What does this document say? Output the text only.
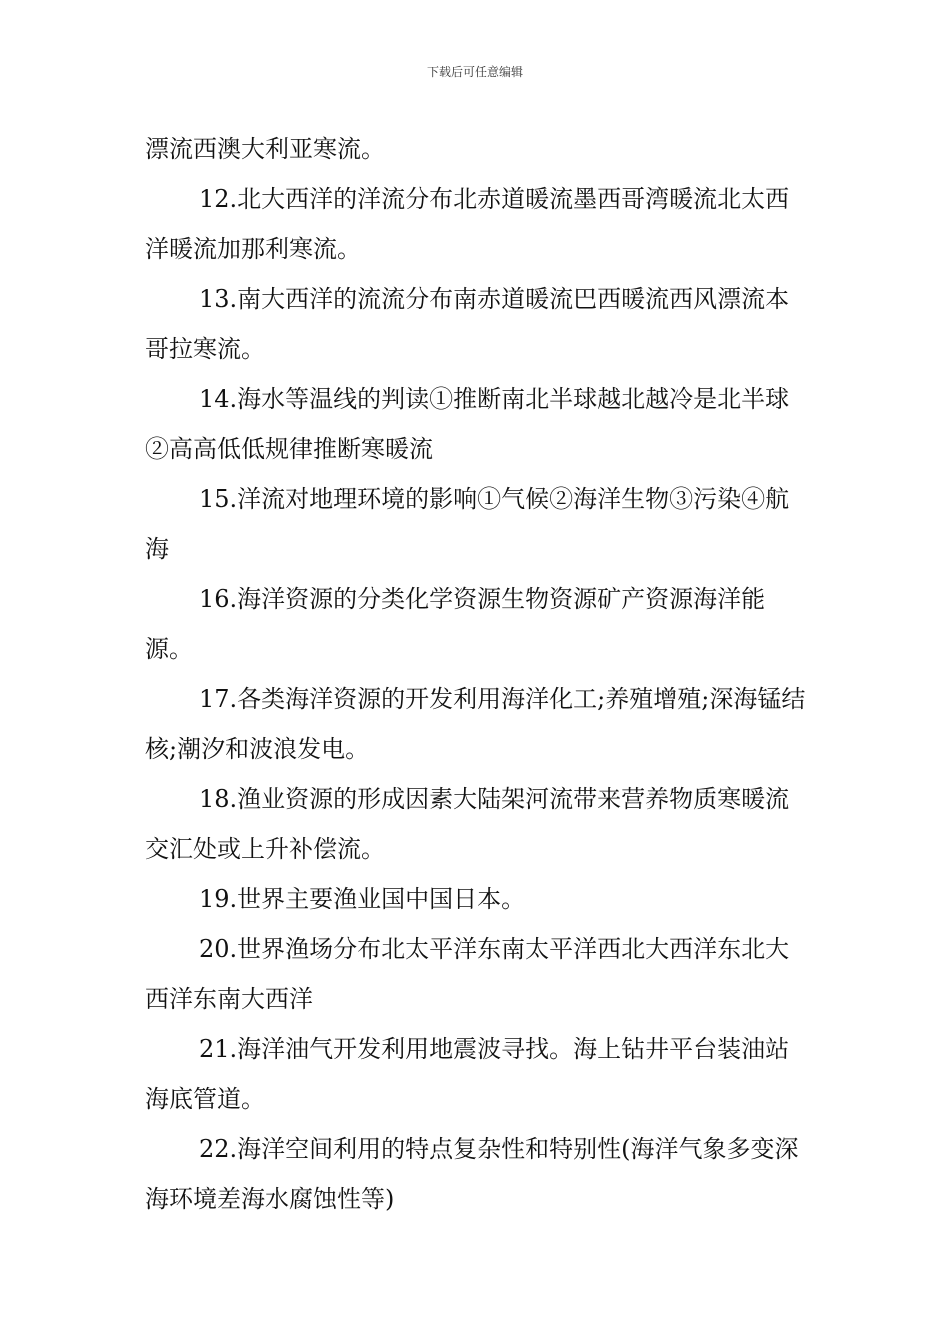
下载后可任意编辑

漂流西澳大利亚寒流。

12.北大西洋的洋流分布北赤道暖流墨西哥湾暖流北太西洋暖流加那利寒流。

13.南大西洋的流流分布南赤道暖流巴西暖流西风漂流本哥拉寒流。

14.海水等温线的判读①推断南北半球越北越冷是北半球②高高低低规律推断寒暖流

15.洋流对地理环境的影响①气候②海洋生物③污染④航海

16.海洋资源的分类化学资源生物资源矿产资源海洋能源。

17.各类海洋资源的开发利用海洋化工;养殖增殖;深海锰结核;潮汐和波浪发电。

18.渔业资源的形成因素大陆架河流带来营养物质寒暖流交汇处或上升补偿流。

19.世界主要渔业国中国日本。

20.世界渔场分布北太平洋东南太平洋西北大西洋东北大西洋东南大西洋

21.海洋油气开发利用地震波寻找。海上钻井平台装油站海底管道。

22.海洋空间利用的特点复杂性和特别性(海洋气象多变深海环境差海水腐蚀性等)
